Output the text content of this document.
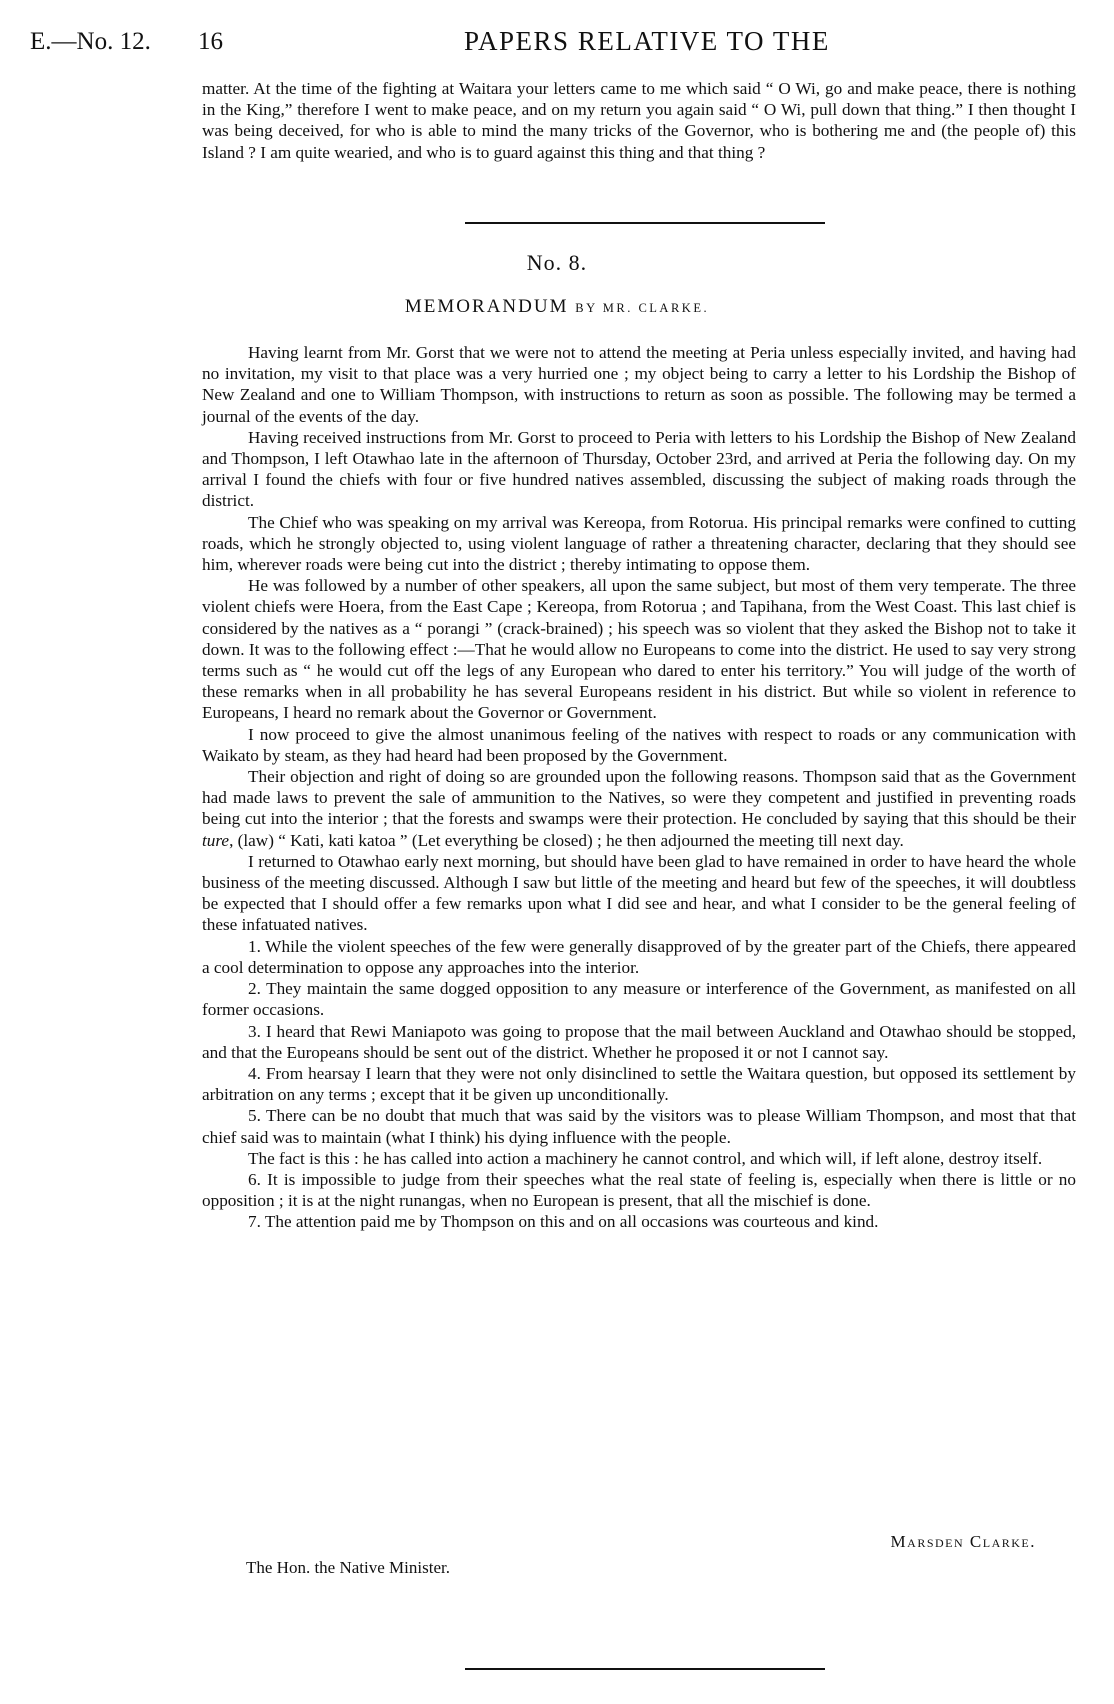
E.—No. 12. 16	PAPERS RELATIVE TO THE

matter. At the time of the fighting at Waitara your letters came to me which said “ O Wi, go and make peace, there is nothing in the King,” therefore I went to make peace, and on my return you again said “ O Wi, pull down that thing.” I then thought I was being deceived, for who is able to mind the many tricks of the Governor, who is bothering me and (the people of) this Island ? I am quite wearied, and who is to guard against this thing and that thing ?

No. 8.
MEMORANDUM BY MR. CLARKE.

Having learnt from Mr. Gorst that we were not to attend the meeting at Peria unless especially invited, and having had no invitation, my visit to that place was a very hurried one ; my object being to carry a letter to his Lordship the Bishop of New Zealand and one to William Thompson, with instructions to return as soon as possible. The following may be termed a journal of the events of the day.

Having received instructions from Mr. Gorst to proceed to Peria with letters to his Lordship the Bishop of New Zealand and Thompson, I left Otawhao late in the afternoon of Thursday, October 23rd, and arrived at Peria the following day. On my arrival I found the chiefs with four or five hundred natives assembled, discussing the subject of making roads through the district.

The Chief who was speaking on my arrival was Kereopa, from Rotorua. His principal remarks were confined to cutting roads, which he strongly objected to, using violent language of rather a threatening character, declaring that they should see him, wherever roads were being cut into the district ; thereby intimating to oppose them.

He was followed by a number of other speakers, all upon the same subject, but most of them very temperate. The three violent chiefs were Hoera, from the East Cape ; Kereopa, from Rotorua ; and Tapihana, from the West Coast. This last chief is considered by the natives as a “ porangi ” (crack-brained) ; his speech was so violent that they asked the Bishop not to take it down. It was to the following effect :—That he would allow no Europeans to come into the district. He used to say very strong terms such as “ he would cut off the legs of any European who dared to enter his territory.” You will judge of the worth of these remarks when in all probability he has several Europeans resident in his district. But while so violent in reference to Europeans, I heard no remark about the Governor or Government.

I now proceed to give the almost unanimous feeling of the natives with respect to roads or any communication with Waikato by steam, as they had heard had been proposed by the Government.

Their objection and right of doing so are grounded upon the following reasons. Thompson said that as the Government had made laws to prevent the sale of ammunition to the Natives, so were they competent and justified in preventing roads being cut into the interior ; that the forests and swamps were their protection. He concluded by saying that this should be their ture, (law) “ Kati, kati katoa ” (Let everything be closed) ; he then adjourned the meeting till next day.

I returned to Otawhao early next morning, but should have been glad to have remained in order to have heard the whole business of the meeting discussed. Although I saw but little of the meeting and heard but few of the speeches, it will doubtless be expected that I should offer a few remarks upon what I did see and hear, and what I consider to be the general feeling of these infatuated natives.

1. While the violent speeches of the few were generally disapproved of by the greater part of the Chiefs, there appeared a cool determination to oppose any approaches into the interior.

2. They maintain the same dogged opposition to any measure or interference of the Government, as manifested on all former occasions.

3. I heard that Rewi Maniapoto was going to propose that the mail between Auckland and Otawhao should be stopped, and that the Europeans should be sent out of the district. Whether he proposed it or not I cannot say.

4. From hearsay I learn that they were not only disinclined to settle the Waitara question, but opposed its settlement by arbitration on any terms ; except that it be given up unconditionally.

5. There can be no doubt that much that was said by the visitors was to please William Thompson, and most that that chief said was to maintain (what I think) his dying influence with the people.

The fact is this : he has called into action a machinery he cannot control, and which will, if left alone, destroy itself.

6. It is impossible to judge from their speeches what the real state of feeling is, especially when there is little or no opposition ; it is at the night runangas, when no European is present, that all the mischief is done.

7. The attention paid me by Thompson on this and on all occasions was courteous and kind.

Marsden Clarke.
The Hon. the Native Minister.
